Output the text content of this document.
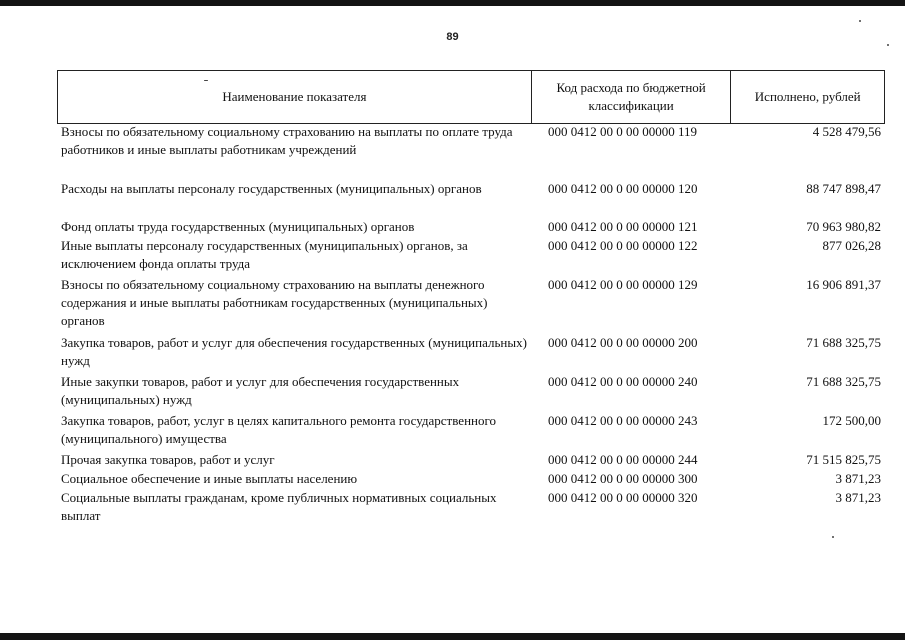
89
Наименование показателя
Код расхода по бюджетной классификации
Исполнено, рублей
Взносы по обязательному социальному страхованию на выплаты по оплате труда работников и иные выплаты работникам учреждений
000 0412 00 0 00 00000 119	4 528 479,56
Расходы на выплаты персоналу государственных (муниципальных) органов	000 0412 00 0 00 00000 120	88 747 898,47
Фонд оплаты труда государственных (муниципальных) органов	000 0412 00 0 00 00000 121	70 963 980,82
Иные выплаты персоналу государственных (муниципальных) органов, за исключением фонда оплаты труда
000 0412 00 0 00 00000 122	877 026,28
Взносы по обязательному социальному страхованию на выплаты денежного содержания и иные выплаты работникам государственных (муниципальных) органов
000 0412 00 0 00 00000 129	16 906 891,37
Закупка товаров, работ и услуг для обеспечения государственных (муниципальных) нужд
000 0412 00 0 00 00000 200	71 688 325,75
Иные закупки товаров, работ и услуг для обеспечения государственных (муниципальных) нужд
000 0412 00 0 00 00000 240	71 688 325,75
Закупка товаров, работ, услуг в целях капитального ремонта государственного (муниципального) имущества
000 0412 00 0 00 00000 243	172 500,00
Прочая закупка товаров, работ и услуг	000 0412 00 0 00 00000 244	71 515 825,75
Социальное обеспечение и иные выплаты населению	000 0412 00 0 00 00000 300	3 871,23
Социальные выплаты гражданам, кроме публичных нормативных социальных выплат
000 0412 00 0 00 00000 320	3 871,23
